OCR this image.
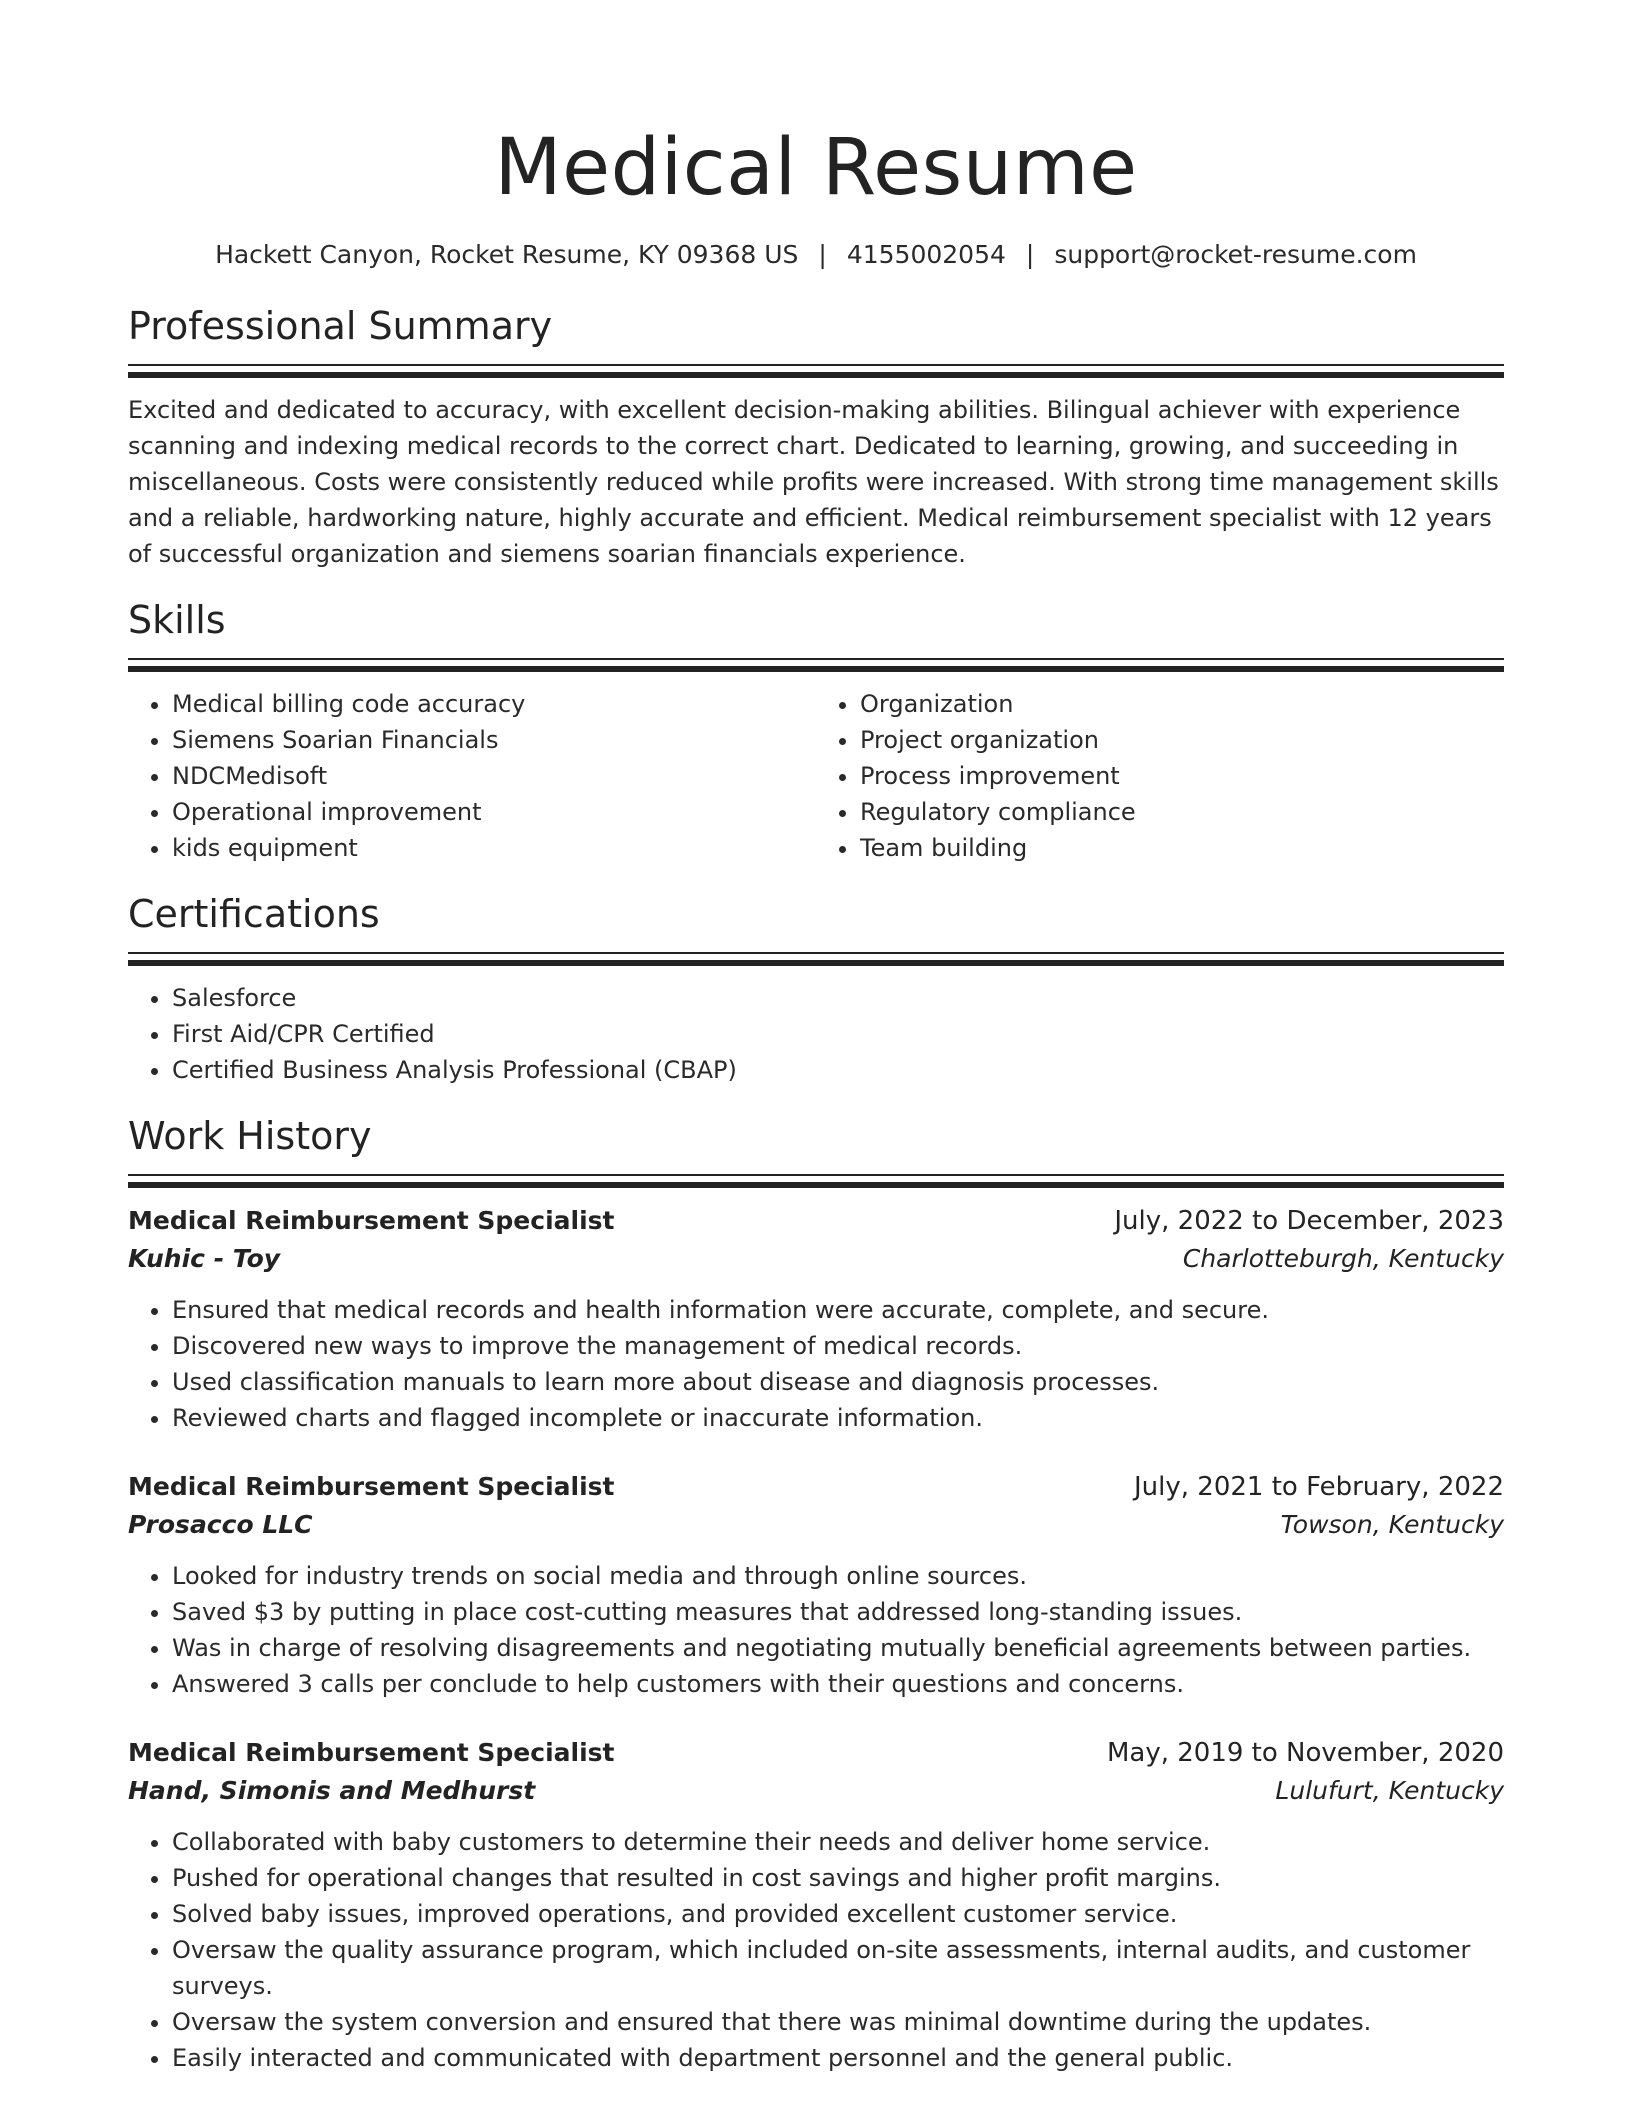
Medical Resume
Hackett Canyon, Rocket Resume, KY 09368 US | 4155002054 | support@rocket-resume.com
Professional Summary

Excited and dedicated to accuracy, with excellent decision-making abilities. Bilingual achiever with experience scanning and indexing medical records to the correct chart. Dedicated to learning, growing, and succeeding in miscellaneous. Costs were consistently reduced while profits were increased. With strong time management skills and a reliable, hardworking nature, highly accurate and efficient. Medical reimbursement specialist with 12 years of successful organization and siemens soarian financials experience.

Skills
• Medical billing code accuracy
• Siemens Soarian Financials
• NDCMedisoft
• Operational improvement
• kids equipment
• Organization
• Project organization
• Process improvement
• Regulatory compliance
• Team building
Certifications
• Salesforce
• First Aid/CPR Certified
• Certified Business Analysis Professional (CBAP)
Work History
Medical Reimbursement Specialist	July, 2022 to December, 2023
Kuhic - Toy	Charlotteburgh, Kentucky
• Ensured that medical records and health information were accurate, complete, and secure.
• Discovered new ways to improve the management of medical records.
• Used classification manuals to learn more about disease and diagnosis processes.
• Reviewed charts and flagged incomplete or inaccurate information.
Medical Reimbursement Specialist	July, 2021 to February, 2022
Prosacco LLC	Towson, Kentucky
• Looked for industry trends on social media and through online sources.
• Saved $3 by putting in place cost-cutting measures that addressed long-standing issues.
• Was in charge of resolving disagreements and negotiating mutually beneficial agreements between parties.
• Answered 3 calls per conclude to help customers with their questions and concerns.
Medical Reimbursement Specialist	May, 2019 to November, 2020
Hand, Simonis and Medhurst	Lulufurt, Kentucky
• Collaborated with baby customers to determine their needs and deliver home service.
• Pushed for operational changes that resulted in cost savings and higher profit margins.
• Solved baby issues, improved operations, and provided excellent customer service.
• Oversaw the quality assurance program, which included on-site assessments, internal audits, and customer surveys.
• Oversaw the system conversion and ensured that there was minimal downtime during the updates.
• Easily interacted and communicated with department personnel and the general public.
